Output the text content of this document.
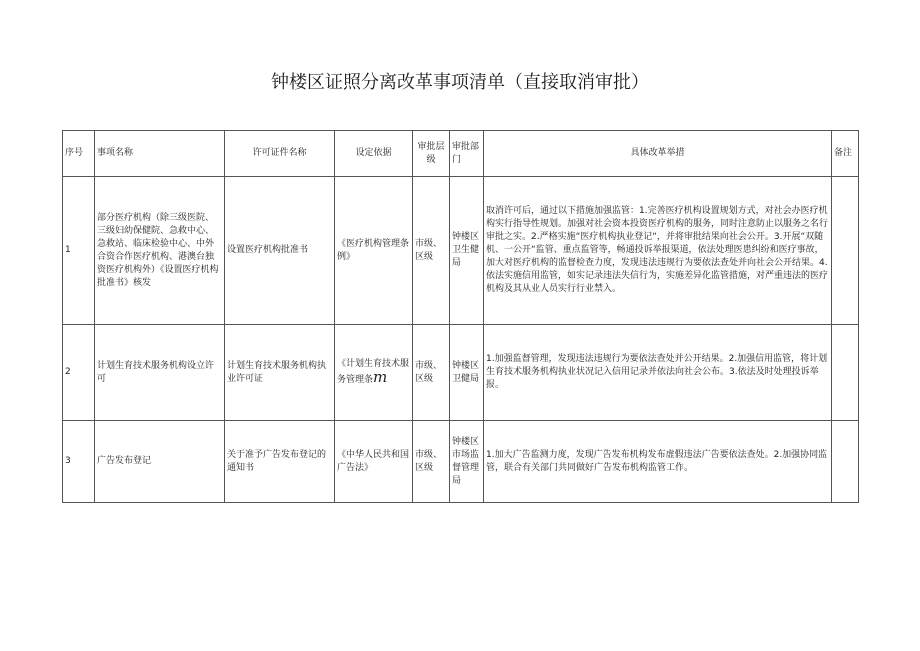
钟楼区证照分离改革事项清单（直接取消审批）
序号	事项名称	许可证件名称	设定依据	审批层级	审批部门	具体改革举措	备注
1	部分医疗机构（除三级医院、三级妇幼保健院、急救中心、急救站、临床检验中心、中外合资合作医疗机构、港澳台独资医疗机构外）《设置医疗机构批准书》核发	设置医疗机构批准书	《医疗机构管理条例》	市级、区级	钟楼区卫生健局	取消许可后，通过以下措施加强监管：1.完善医疗机构设置规划方式，对社会办医疗机构实行指导性规划。加强对社会资本投资医疗机构的服务，同时注意防止以服务之名行审批之实。2.严格实施“医疗机构执业登记“，并将审批结果向社会公开。3.开展“双随机、一公开“监管、重点监管等，畅通投诉举报渠道，依法处理医患纠纷和医疗事故，加大对医疗机构的监督检查力度，发现违法违规行为要依法查处并向社会公开结果。4.依法实施信用监管，如实记录违法失信行为，实施差异化监管措施，对严重违法的医疗机构及其从业人员实行行业禁入。	
2	计划生育技术服务机构设立许可	计划生育技术服务机构执业许可证	《计划生育技术服务管理条m	市级、区级	钟楼区卫健局	1.加强监督管理，发现违法违规行为要依法查处并公开结果。2.加强信用监管，将计划生育技术服务机构执业状况记入信用记录并依法向社会公布。3.依法及时处理投诉举报。	
3	广告发布登记	关于准予广告发布登记的通知书	《中华人民共和国广告法》	市级、区级	钟楼区市场监督管理局	1.加大广告监测力度，发现广告发布机构发布虚假违法广告要依法查处。2.加强协同监管，联合有关部门共同做好广告发布机构监管工作。	
